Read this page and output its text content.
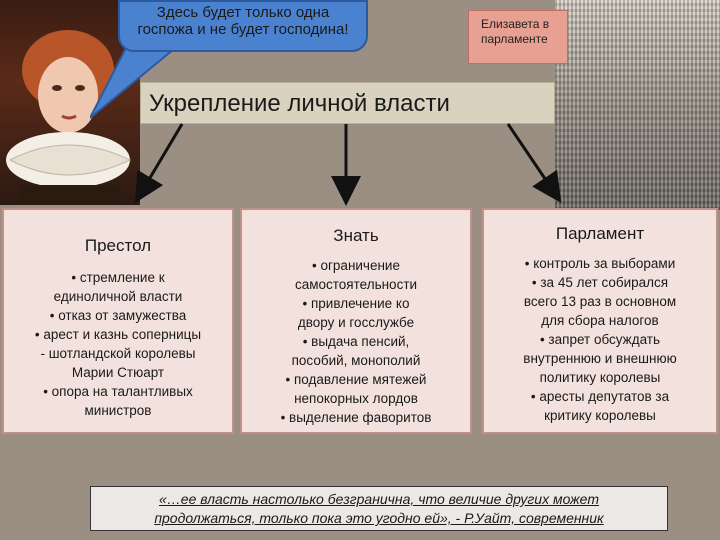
Здесь будет только одна
госпожа и не будет господина!	Елизавета в
парламенте
Укрепление личной власти
Престол
• стремление к
единоличной власти
• отказ от замужества
• арест и казнь соперницы
- шотландской королевы
Марии Стюарт
• опора на талантливых
министров
Знать
• ограничение
самостоятельности
• привлечение ко
двору и госслужбе
• выдача пенсий,
пособий, монополий
• подавление мятежей
непокорных лордов
• выделение фаворитов
Парламент
• контроль за выборами
• за 45 лет собирался
всего 13 раз в основном
для сбора налогов
• запрет обсуждать
внутреннюю и внешнюю
политику королевы
• аресты депутатов за
критику королевы
«…ее власть настолько безгранична, что величие других может
продолжаться, только пока это угодно ей», - Р.Уайт, современник
